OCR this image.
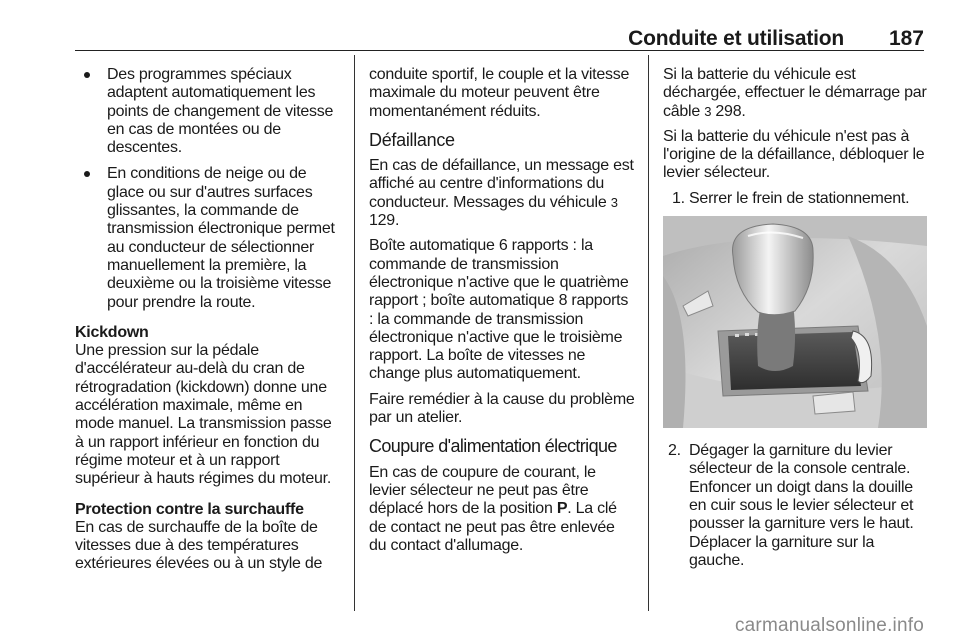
Conduite et utilisation 187
Des programmes spéciaux adaptent automatiquement les points de changement de vitesse en cas de montées ou de descentes.
En conditions de neige ou de glace ou sur d'autres surfaces glissantes, la commande de transmission électronique permet au conducteur de sélectionner manuellement la première, la deuxième ou la troisième vitesse pour prendre la route.
Kickdown

Une pression sur la pédale d'accélérateur au-delà du cran de rétrogradation (kickdown) donne une accélération maximale, même en mode manuel. La transmission passe à un rapport inférieur en fonction du régime moteur et à un rapport supérieur à hauts régimes du moteur.

Protection contre la surchauffe

En cas de surchauffe de la boîte de vitesses due à des températures extérieures élevées ou à un style de

conduite sportif, le couple et la vitesse maximale du moteur peuvent être momentanément réduits.

Défaillance

En cas de défaillance, un message est affiché au centre d'informations du conducteur. Messages du véhicule 3 129.

Boîte automatique 6 rapports : la commande de transmission électronique n'active que le quatrième rapport ; boîte automatique 8 rapports : la commande de transmission électronique n'active que le troisième rapport. La boîte de vitesses ne change plus automatiquement.

Faire remédier à la cause du problème par un atelier.

Coupure d'alimentation électrique

En cas de coupure de courant, le levier sélecteur ne peut pas être déplacé hors de la position P. La clé de contact ne peut pas être enlevée du contact d'allumage.

Si la batterie du véhicule est déchargée, effectuer le démarrage par câble 3 298.

Si la batterie du véhicule n'est pas à l'origine de la défaillance, débloquer le levier sélecteur.

1. Serrer le frein de stationnement.
2. Dégager la garniture du levier sélecteur de la console centrale. Enfoncer un doigt dans la douille en cuir sous le levier sélecteur et pousser la garniture vers le haut. Déplacer la garniture sur la gauche.
carmanualsonline.info
